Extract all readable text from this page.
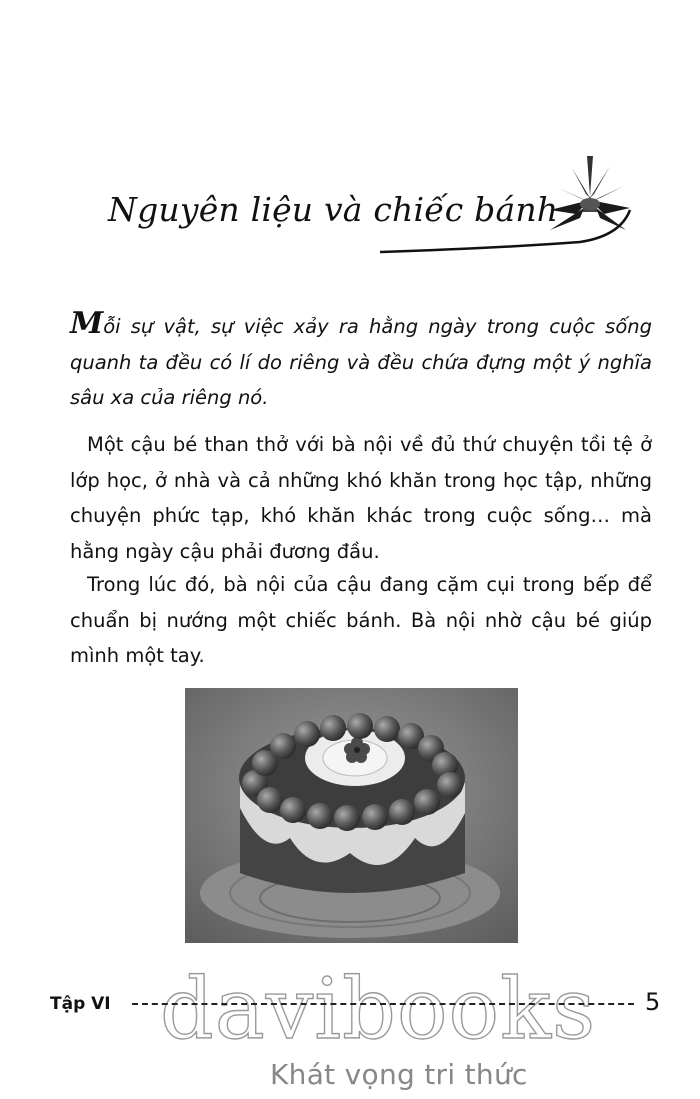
Nguyên liệu và chiếc bánh

Mỗi sự vật, sự việc xảy ra hằng ngày trong cuộc sống quanh ta đều có lí do riêng và đều chứa đựng một ý nghĩa sâu xa của riêng nó.

Một cậu bé than thở với bà nội về đủ thứ chuyện tồi tệ ở lớp học, ở nhà và cả những khó khăn trong học tập, những chuyện phức tạp, khó khăn khác trong cuộc sống… mà hằng ngày cậu phải đương đầu.

Trong lúc đó, bà nội của cậu đang cặm cụi trong bếp để chuẩn bị nướng một chiếc bánh. Bà nội nhờ cậu bé giúp mình một tay.

davibooks
Khát vọng tri thức
Tập VI	5
